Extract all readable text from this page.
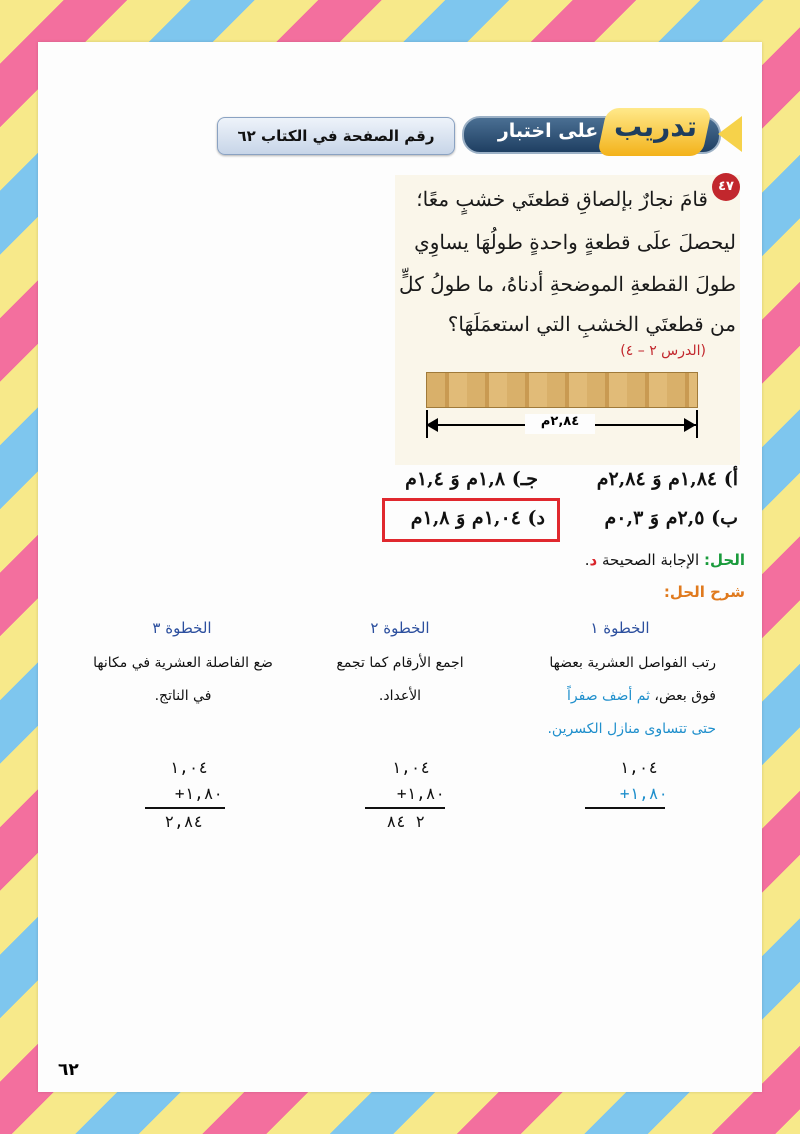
على اختبار تدريب
رقم الصفحة في الكتاب ٦٢
٤٧
قامَ نجارٌ بإلصاقِ قطعتَي خشبٍ معًا؛
ليحصلَ علَى قطعةٍ واحدةٍ طولُهَا يساوِي
طولَ القطعةِ الموضحةِ أدناهُ، ما طولُ كلٍّ
من قطعتَي الخشبِ التي استعمَلَهَا؟
(الدرس ٢ – ٤)
٢,٨٤م
أ) ١,٨٤م وَ ٢,٨٤م
جـ) ١,٨م وَ ١,٤م
ب) ٢,٥م وَ ٠,٣م
د) ١,٠٤م وَ ١,٨م
الحل: الإجابة الصحيحة د.
شرح الحل:
الخطوة ١
رتب الفواصل العشرية بعضها
فوق بعض، ثم أضف صفراً
حتى تتساوى منازل الكسرين.
الخطوة ٢
اجمع الأرقام كما تجمع
الأعداد.
الخطوة ٣
ضع الفاصلة العشرية في مكانها
في الناتج.
١,٠٤
+١,٨٠
١,٠٤
+١,٨٠
٢ ٨٤
١,٠٤
+١,٨٠
٢,٨٤
٦٢
